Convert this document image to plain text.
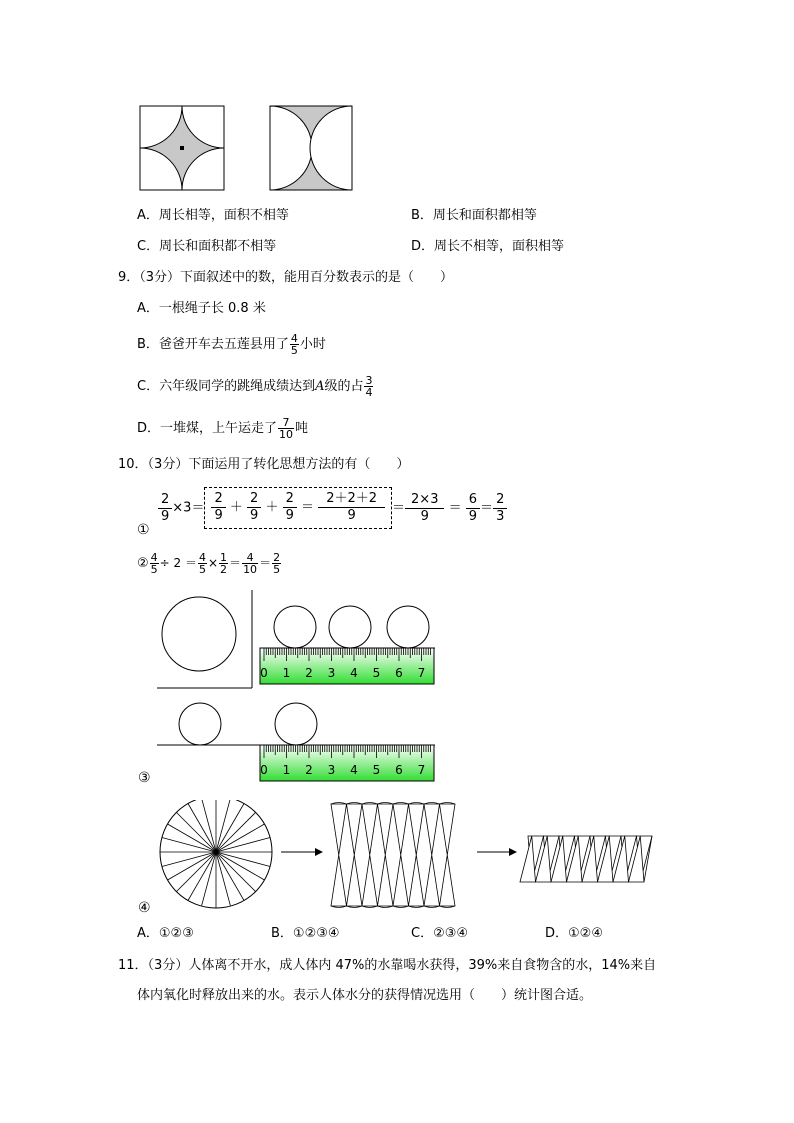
A．周长相等，面积不相等	B．周长和面积都相等
C．周长和面积都不相等	D．周长不相等，面积相等
9．（3分）下面叙述中的数，能用百分数表示的是（　　）
A．一根绳子长 0.8 米
B．爸爸开车去五莲县用了 $\frac{4}{5}$ 小时
C．六年级同学的跳绳成绩达到A级的占 $\frac{3}{4}$
D．一堆煤，上午运走了 $\frac{7}{10}$ 吨
10．（3分）下面运用了转化思想方法的有（　　）
$\frac{2}{9} \times 3= \frac{2}{9} + \frac{2}{9} + \frac{2}{9} = \frac{2+2+2}{9} = \frac{2\times 3}{9} = \frac{6}{9} = \frac{2}{3}$
①
② $\frac{4}{5} \div 2 = \frac{4}{5} \times \frac{1}{2} = \frac{4}{10} = \frac{2}{5}$
0 1 2 3 4 5 6 7
0 1 2 3 4 5 6 7
③
④
A．①②③	B．①②③④	C．②③④	D．①②④
11．（3分）人体离不开水，成人体内 47%的水靠喝水获得，39%来自食物含的水，14%来自
体内氧化时释放出来的水。表示人体水分的获得情况选用（　　）统计图合适。
